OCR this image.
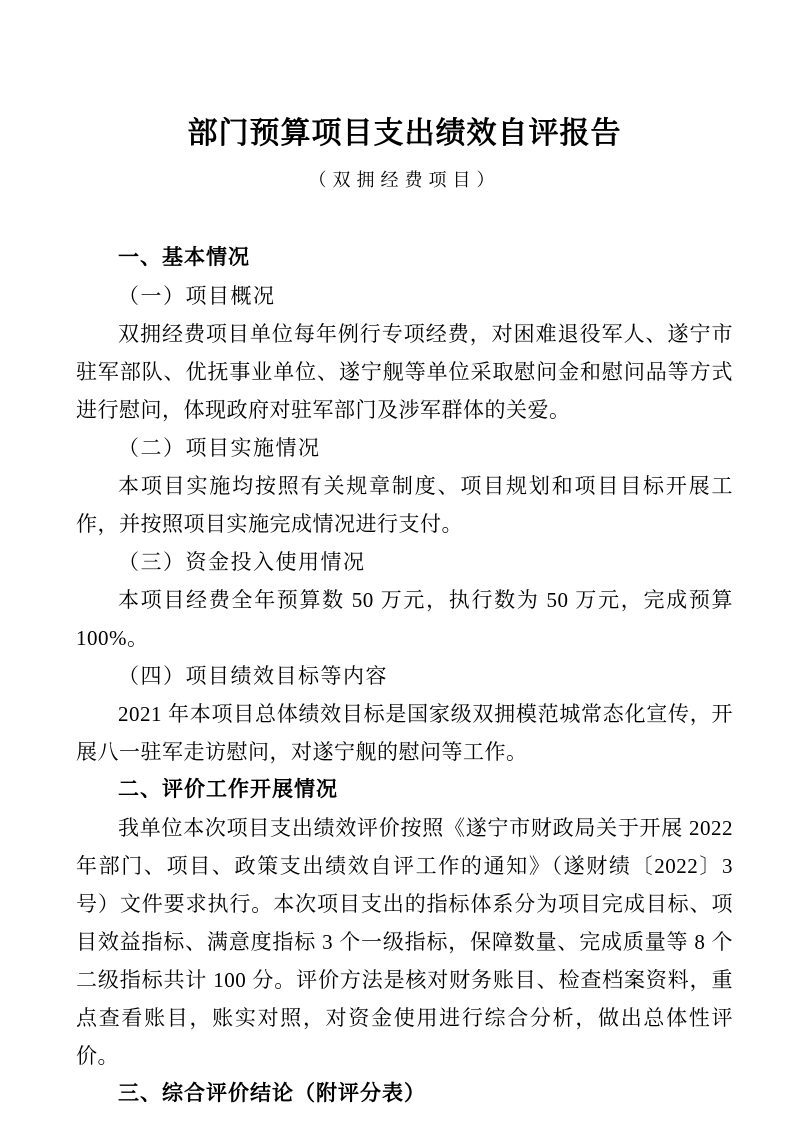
部门预算项目支出绩效自评报告
（双拥经费项目）
一、基本情况
（一）项目概况

双拥经费项目单位每年例行专项经费，对困难退役军人、遂宁市驻军部队、优抚事业单位、遂宁舰等单位采取慰问金和慰问品等方式进行慰问，体现政府对驻军部门及涉军群体的关爱。

（二）项目实施情况

本项目实施均按照有关规章制度、项目规划和项目目标开展工作，并按照项目实施完成情况进行支付。

（三）资金投入使用情况

本项目经费全年预算数 50 万元，执行数为 50 万元，完成预算 100%。

（四）项目绩效目标等内容

2021 年本项目总体绩效目标是国家级双拥模范城常态化宣传，开展八一驻军走访慰问，对遂宁舰的慰问等工作。

二、评价工作开展情况

我单位本次项目支出绩效评价按照《遂宁市财政局关于开展 2022 年部门、项目、政策支出绩效自评工作的通知》（遂财绩〔2022〕3 号）文件要求执行。本次项目支出的指标体系分为项目完成目标、项目效益指标、满意度指标 3 个一级指标，保障数量、完成质量等 8 个二级指标共计 100 分。评价方法是核对财务账目、检查档案资料，重点查看账目，账实对照，对资金使用进行综合分析，做出总体性评价。

三、综合评价结论（附评分表）
